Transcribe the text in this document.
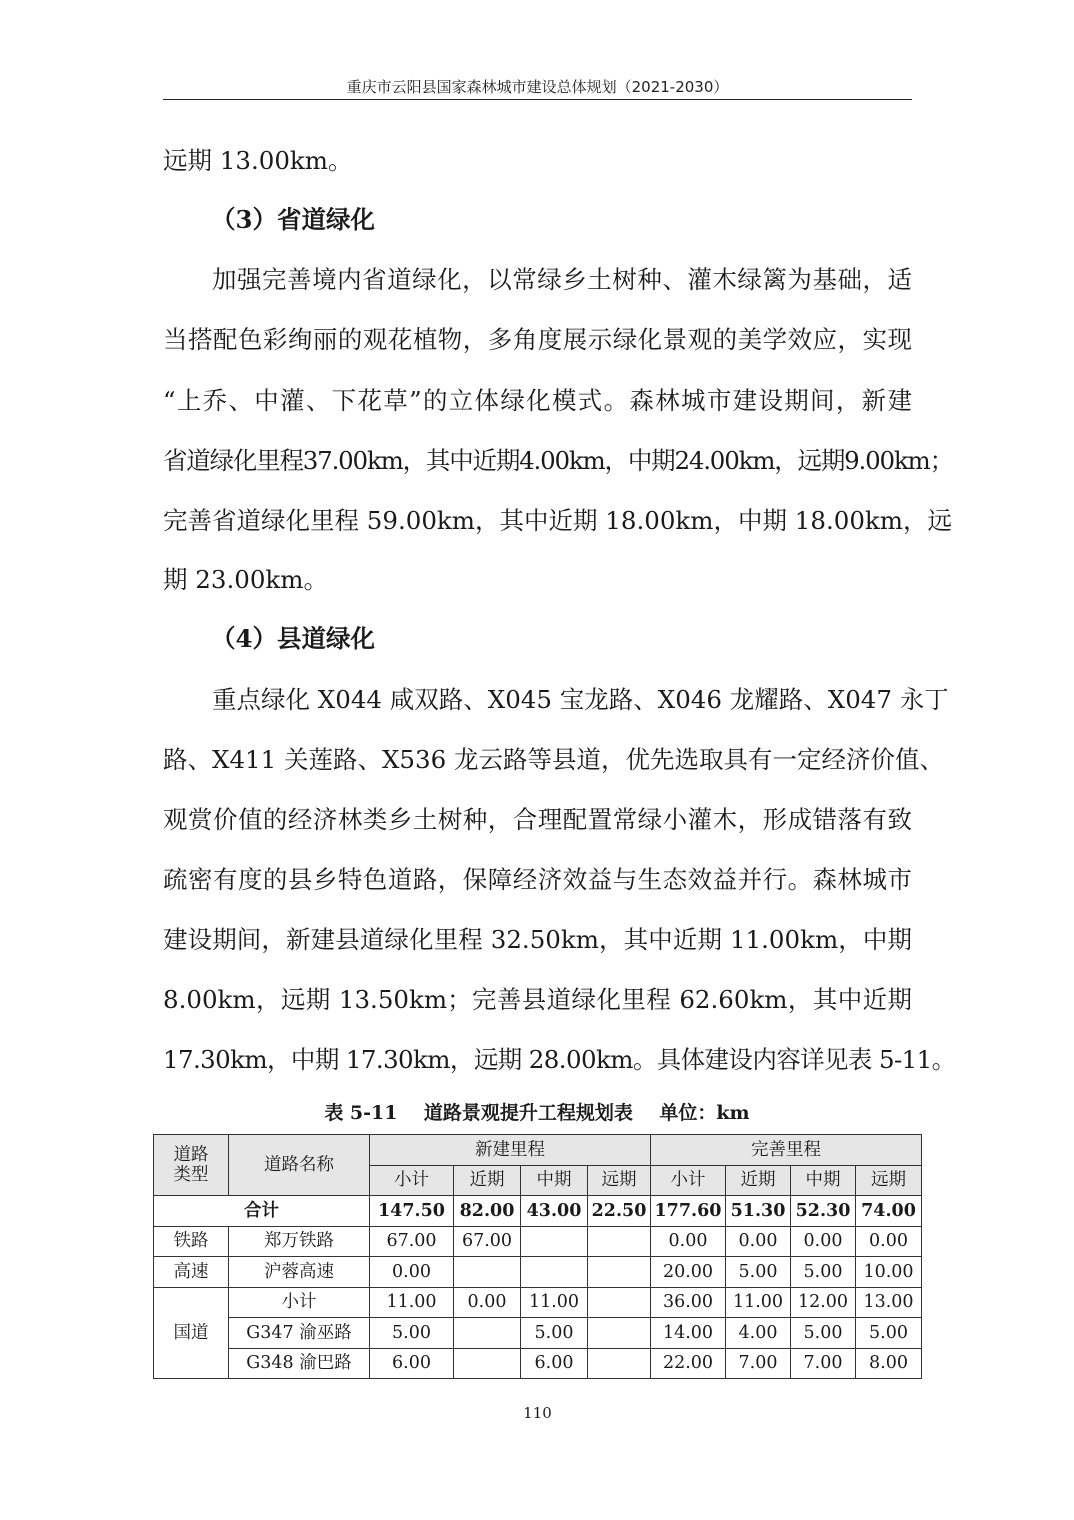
重庆市云阳县国家森林城市建设总体规划（2021-2030）
远期 13.00km。
（3）省道绿化
加强完善境内省道绿化，以常绿乡土树种、灌木绿篱为基础，适
当搭配色彩绚丽的观花植物，多角度展示绿化景观的美学效应，实现
“上乔、中灌、下花草”的立体绿化模式。森林城市建设期间，新建
省道绿化里程37.00km，其中近期4.00km，中期24.00km，远期9.00km；
完善省道绿化里程 59.00km，其中近期 18.00km，中期 18.00km，远
期 23.00km。
（4）县道绿化
重点绿化 X044 咸双路、X045 宝龙路、X046 龙耀路、X047 永丁
路、X411 关莲路、X536 龙云路等县道，优先选取具有一定经济价值、
观赏价值的经济林类乡土树种，合理配置常绿小灌木，形成错落有致
疏密有度的县乡特色道路，保障经济效益与生态效益并行。森林城市
建设期间，新建县道绿化里程 32.50km，其中近期 11.00km，中期
8.00km，远期 13.50km；完善县道绿化里程 62.60km，其中近期
17.30km，中期 17.30km，远期 28.00km。具体建设内容详见表 5-11。
表 5-11    道路景观提升工程规划表    单位：km
道路
类型	道路名称	新建里程				完善里程			
		小计	近期	中期	远期	小计	近期	中期	远期
合计		147.50	82.00	43.00	22.50	177.60	51.30	52.30	74.00
铁路	郑万铁路	67.00	67.00			0.00	0.00	0.00	0.00
高速	沪蓉高速	0.00				20.00	5.00	5.00	10.00
国道	小计	11.00	0.00	11.00		36.00	11.00	12.00	13.00
	G347 渝巫路	5.00		5.00		14.00	4.00	5.00	5.00
	G348 渝巴路	6.00		6.00		22.00	7.00	7.00	8.00
110
